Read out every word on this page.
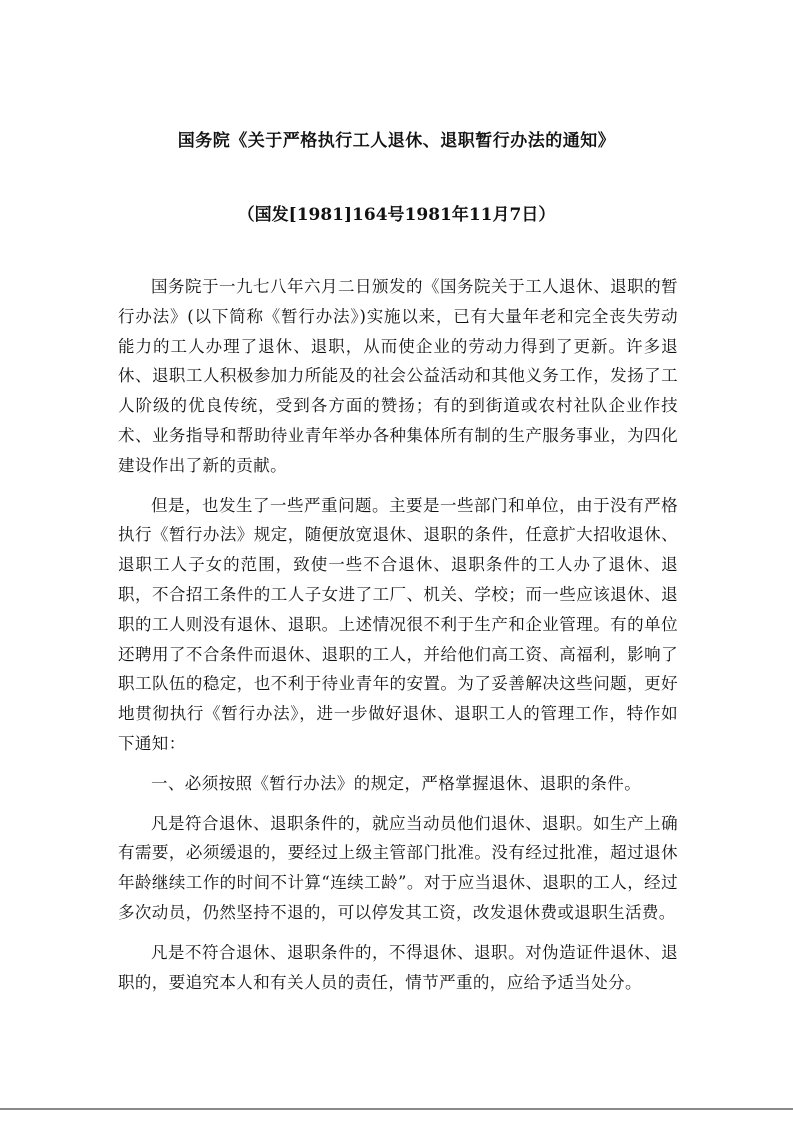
国务院《关于严格执行工人退休、退职暂行办法的通知》

（国发[1981]164号1981年11月7日）

国务院于一九七八年六月二日颁发的《国务院关于工人退休、退职的暂行办法》(以下简称《暂行办法》)实施以来，已有大量年老和完全丧失劳动能力的工人办理了退休、退职，从而使企业的劳动力得到了更新。许多退休、退职工人积极参加力所能及的社会公益活动和其他义务工作，发扬了工人阶级的优良传统，受到各方面的赞扬；有的到街道或农村社队企业作技术、业务指导和帮助待业青年举办各种集体所有制的生产服务事业，为四化建设作出了新的贡献。

但是，也发生了一些严重问题。主要是一些部门和单位，由于没有严格执行《暂行办法》规定，随便放宽退休、退职的条件，任意扩大招收退休、退职工人子女的范围，致使一些不合退休、退职条件的工人办了退休、退职，不合招工条件的工人子女进了工厂、机关、学校；而一些应该退休、退职的工人则没有退休、退职。上述情况很不利于生产和企业管理。有的单位还聘用了不合条件而退休、退职的工人，并给他们高工资、高福利，影响了职工队伍的稳定，也不利于待业青年的安置。为了妥善解决这些问题，更好地贯彻执行《暂行办法》，进一步做好退休、退职工人的管理工作，特作如下通知：

一、必须按照《暂行办法》的规定，严格掌握退休、退职的条件。

凡是符合退休、退职条件的，就应当动员他们退休、退职。如生产上确有需要，必须缓退的，要经过上级主管部门批准。没有经过批准，超过退休年龄继续工作的时间不计算“连续工龄”。对于应当退休、退职的工人，经过多次动员，仍然坚持不退的，可以停发其工资，改发退休费或退职生活费。

凡是不符合退休、退职条件的，不得退休、退职。对伪造证件退休、退职的，要追究本人和有关人员的责任，情节严重的，应给予适当处分。
